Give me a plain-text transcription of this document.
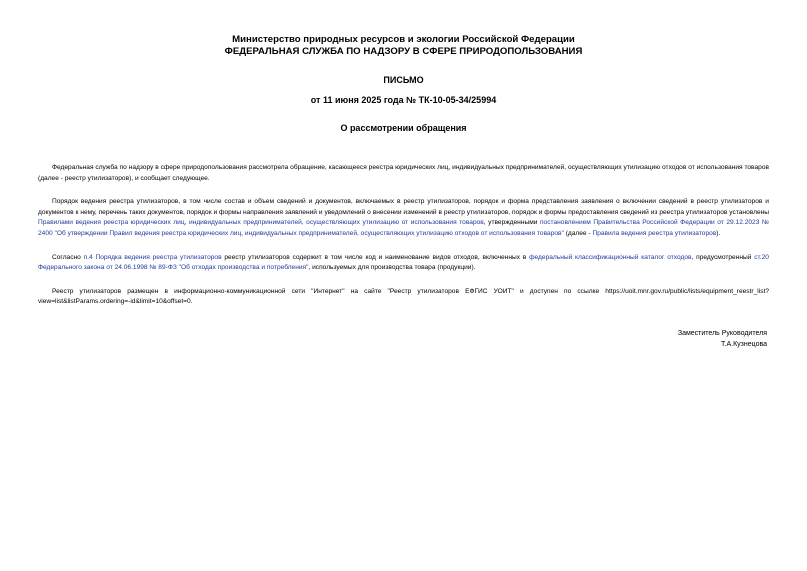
Министерство природных ресурсов и экологии Российской Федерации
ФЕДЕРАЛЬНАЯ СЛУЖБА ПО НАДЗОРУ В СФЕРЕ ПРИРОДОПОЛЬЗОВАНИЯ
ПИСЬМО
от 11 июня 2025 года № ТК-10-05-34/25994
О рассмотрении обращения

Федеральная служба по надзору в сфере природопользования рассмотрела обращение, касающееся реестра юридических лиц, индивидуальных предпринимателей, осуществляющих утилизацию отходов от использования товаров (далее - реестр утилизаторов), и сообщает следующее.

Порядок ведения реестра утилизаторов, в том числе состав и объем сведений и документов, включаемых в реестр утилизаторов, порядок и форма представления заявления о включении сведений в реестр утилизаторов и документов к нему, перечень таких документов, порядок и формы направления заявлений и уведомлений о внесении изменений в реестр утилизаторов, порядок и формы предоставления сведений из реестра утилизаторов установлены Правилами ведения реестра юридических лиц, индивидуальных предпринимателей, осуществляющих утилизацию от использования товаров, утвержденными постановлением Правительства Российской Федерации от 29.12.2023 № 2400 "Об утверждении Правил ведения реестра юридических лиц, индивидуальных предпринимателей, осуществляющих утилизацию отходов от использования товаров" (далее - Правила ведения реестра утилизаторов).

Согласно п.4 Порядка ведения реестра утилизаторов реестр утилизаторов содержит в том числе код и наименование видов отходов, включенных в федеральный классификационный каталог отходов, предусмотренный ст.20 Федерального закона от 24.06.1998 № 89-ФЗ "Об отходах производства и потребления", используемых для производства товара (продукции).

Реестр утилизаторов размещен в информационно-коммуникационной сети "Интернет" на сайте "Реестр утилизаторов ЕФГИС УОИТ" и доступен по ссылке https://uoit.mnr.gov.ru/public/lists/equipment_reestr_list?view=list&listParams.ordering=-id&limit=10&offset=0.

Заместитель Руководителя
Т.А.Кузнецова
